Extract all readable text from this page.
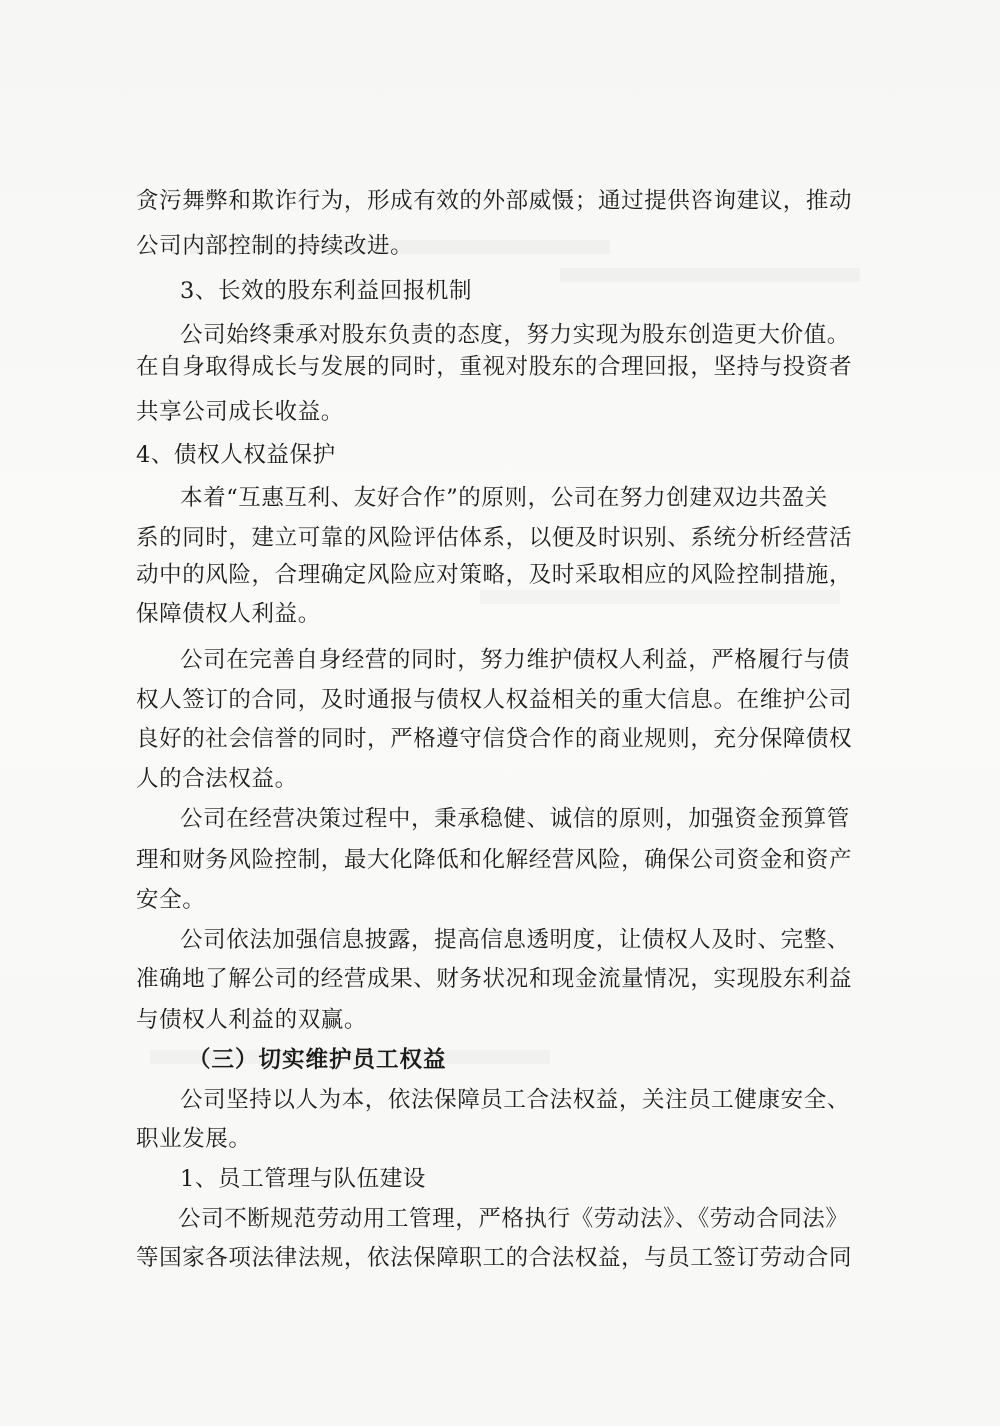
贪污舞弊和欺诈行为，形成有效的外部威慑；通过提供咨询建议，推动
公司内部控制的持续改进。
3、长效的股东利益回报机制
公司始终秉承对股东负责的态度，努力实现为股东创造更大价值。
在自身取得成长与发展的同时，重视对股东的合理回报，坚持与投资者
共享公司成长收益。
4、债权人权益保护
本着“互惠互利、友好合作”的原则，公司在努力创建双边共盈关
系的同时，建立可靠的风险评估体系，以便及时识别、系统分析经营活
动中的风险，合理确定风险应对策略，及时采取相应的风险控制措施，
保障债权人利益。
公司在完善自身经营的同时，努力维护债权人利益，严格履行与债
权人签订的合同，及时通报与债权人权益相关的重大信息。在维护公司
良好的社会信誉的同时，严格遵守信贷合作的商业规则，充分保障债权
人的合法权益。
公司在经营决策过程中，秉承稳健、诚信的原则，加强资金预算管
理和财务风险控制，最大化降低和化解经营风险，确保公司资金和资产
安全。
公司依法加强信息披露，提高信息透明度，让债权人及时、完整、
准确地了解公司的经营成果、财务状况和现金流量情况，实现股东利益
与债权人利益的双赢。
（三）切实维护员工权益
公司坚持以人为本，依法保障员工合法权益，关注员工健康安全、
职业发展。
1、员工管理与队伍建设
公司不断规范劳动用工管理，严格执行《劳动法》、《劳动合同法》
等国家各项法律法规，依法保障职工的合法权益，与员工签订劳动合同
